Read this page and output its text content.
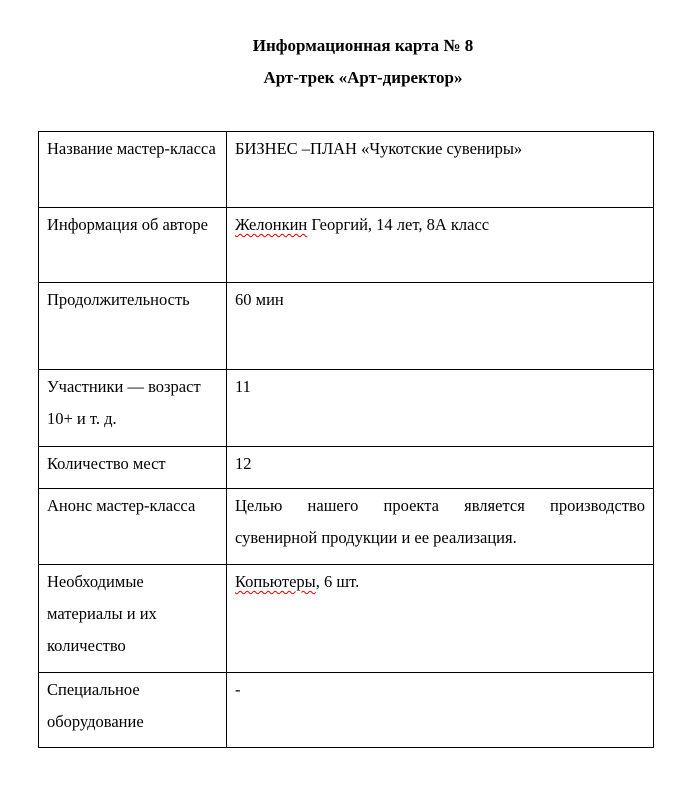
Информационная карта № 8
Арт-трек «Арт-директор»
Название мастер-класса	БИЗНЕС –ПЛАН «Чукотские сувениры»
Информация об авторе	Желонкин Георгий, 14 лет, 8А класс
Продолжительность	60 мин
Участники — возраст 10+ и т. д.	11
Количество мест	12
Анонс мастер-класса	Целью нашего проекта является производство сувенирной продукции и ее реализация.
Необходимые материалы и их количество	Копьютеры, 6 шт.
Специальное оборудование	-
